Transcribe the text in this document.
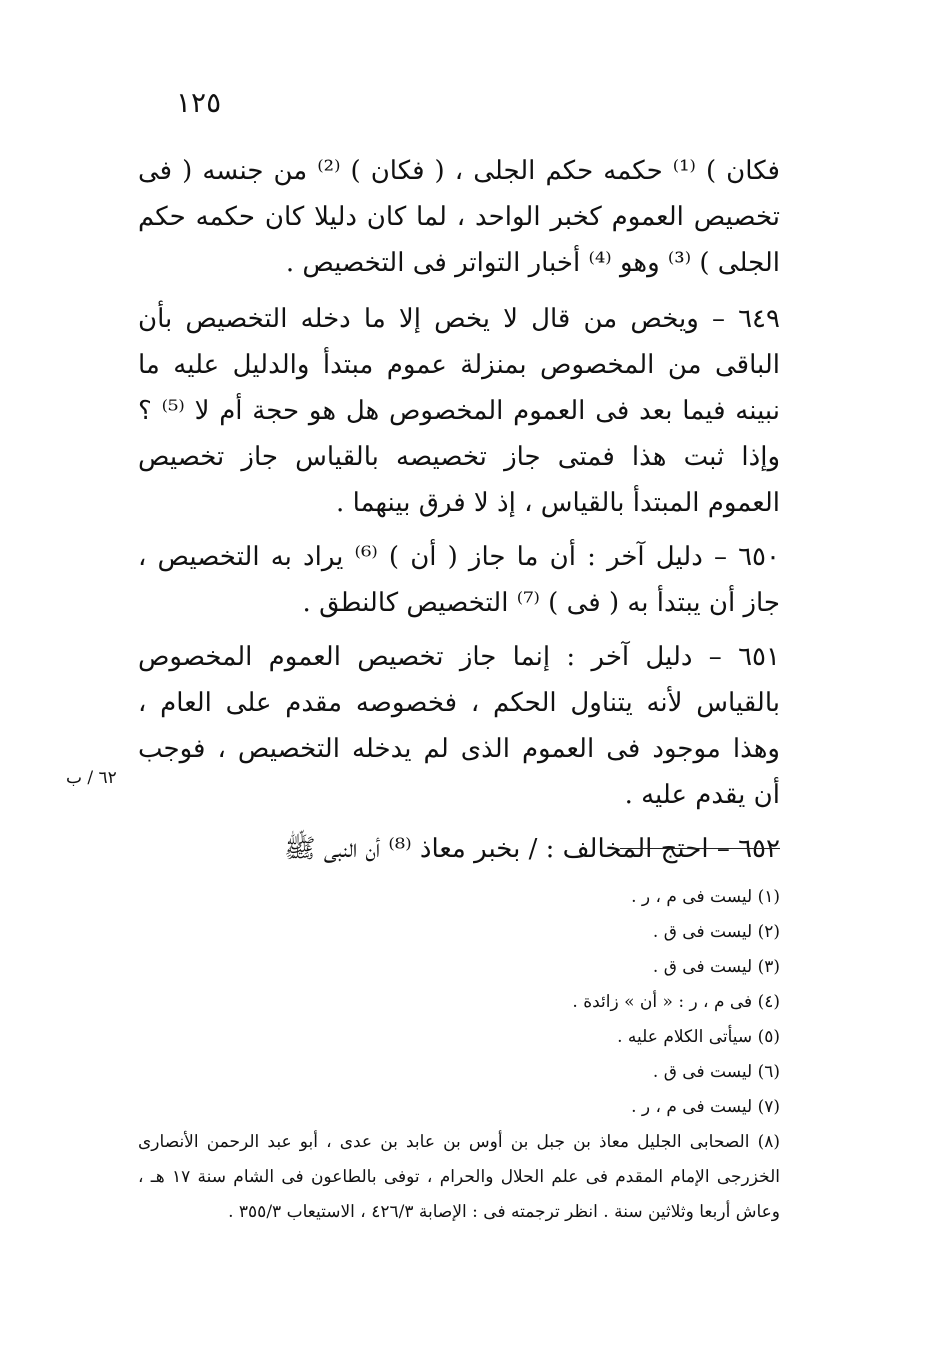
١٢٥

فكان ) ⁽¹⁾ حكمه حكم الجلى ، ( فكان ) ⁽²⁾ من جنسه ( فى تخصيص العموم كخبر الواحد ، لما كان دليلا كان حكمه حكم الجلى ) ⁽³⁾ وهو ⁽⁴⁾ أخبار التواتر فى التخصيص .

٦٤٩ – ويخص من قال لا يخص إلا ما دخله التخصيص بأن الباقى من المخصوص بمنزلة عموم مبتدأ والدليل عليه ما نبينه فيما بعد فى العموم المخصوص هل هو حجة أم لا ⁽⁵⁾ ؟ وإذا ثبت هذا فمتى جاز تخصيصه بالقياس جاز تخصيص العموم المبتدأ بالقياس ، إذ لا فرق بينهما .

٦٥٠ – دليل آخر : أن ما جاز ( أن ) ⁽⁶⁾ يراد به التخصيص ، جاز أن يبتدأ به ( فى ) ⁽⁷⁾ التخصيص كالنطق .

٦٥١ – دليل آخر : إنما جاز تخصيص العموم المخصوص بالقياس لأنه يتناول الحكم ، فخصوصه مقدم على العام ، وهذا موجود فى العموم الذى لم يدخله التخصيص ، فوجب أن يقدم عليه .

٦٥٢ – احتج المخالف : / بخبر معاذ ⁽⁸⁾ أن النبى ﷺ

٦٢ / ب

(١) ليست فى م ، ر .

(٢) ليست فى ق .

(٣) ليست فى ق .

(٤) فى م ، ر : « أن » زائدة .

(٥) سيأتى الكلام عليه .

(٦) ليست فى ق .

(٧) ليست فى م ، ر .

(٨) الصحابى الجليل معاذ بن جبل بن أوس بن عابد بن عدى ، أبو عبد الرحمن الأنصارى الخزرجى الإمام المقدم فى علم الحلال والحرام ، توفى بالطاعون فى الشام سنة ١٧ هـ ، وعاش أربعا وثلاثين سنة . انظر ترجمته فى : الإصابة ٤٢٦/٣ ، الاستيعاب ٣٥٥/٣ .
